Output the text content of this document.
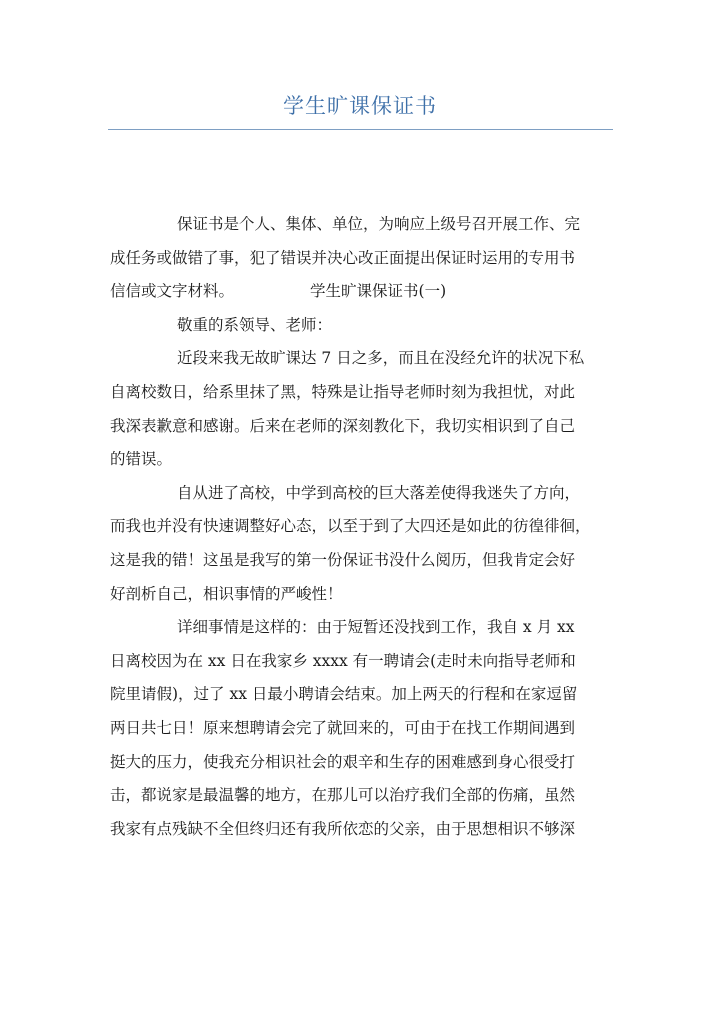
学生旷课保证书
保证书是个人、集体、单位，为响应上级号召开展工作、完
成任务或做错了事，犯了错误并决心改正面提出保证时运用的专用书
信信或文字材料。	学生旷课保证书(一)
敬重的系领导、老师：
近段来我无故旷课达 7 日之多，而且在没经允许的状况下私
自离校数日，给系里抹了黑，特殊是让指导老师时刻为我担忧，对此
我深表歉意和感谢。后来在老师的深刻教化下，我切实相识到了自己
的错误。
自从进了高校，中学到高校的巨大落差使得我迷失了方向，
而我也并没有快速调整好心态，以至于到了大四还是如此的彷徨徘徊，
这是我的错！这虽是我写的第一份保证书没什么阅历，但我肯定会好
好剖析自己，相识事情的严峻性！
详细事情是这样的：由于短暂还没找到工作，我自 x 月 xx
日离校因为在 xx 日在我家乡 xxxx 有一聘请会(走时未向指导老师和
院里请假)，过了 xx 日最小聘请会结束。加上两天的行程和在家逗留
两日共七日！原来想聘请会完了就回来的，可由于在找工作期间遇到
挺大的压力，使我充分相识社会的艰辛和生存的困难感到身心很受打
击，都说家是最温馨的地方，在那儿可以治疗我们全部的伤痛，虽然
我家有点残缺不全但终归还有我所依恋的父亲，由于思想相识不够深
